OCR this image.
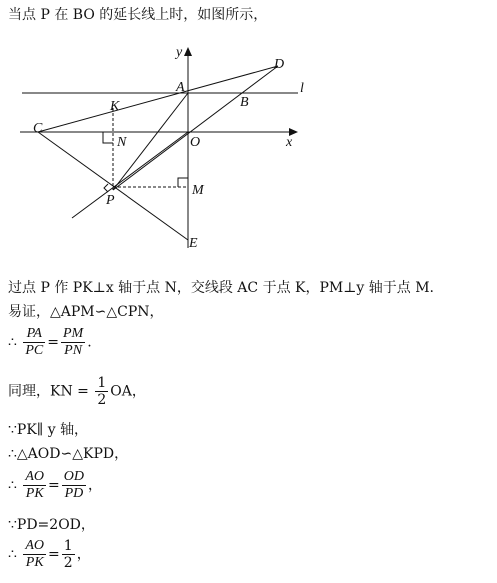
当点 P 在 BO 的延长线上时，如图所示，
y
x
l
A
B
C
D
K
N	O
M
P
E
过点 P 作 PK⊥x 轴于点 N，交线段 AC 于点 K，PM⊥y 轴于点 M.
易证，△APM∽△CPN，
∴ $\frac{PA}{PC} = \frac{PM}{PN}$ .
同理，KN = $\frac{1}{2}$ OA，
∵PK∥ y 轴，
∴△AOD∽△KPD，
∴ $\frac{AO}{PK} = \frac{OD}{PD}$ ，
∵PD=2OD，
∴ $\frac{AO}{PK} = \frac{1}{2}$ ，
